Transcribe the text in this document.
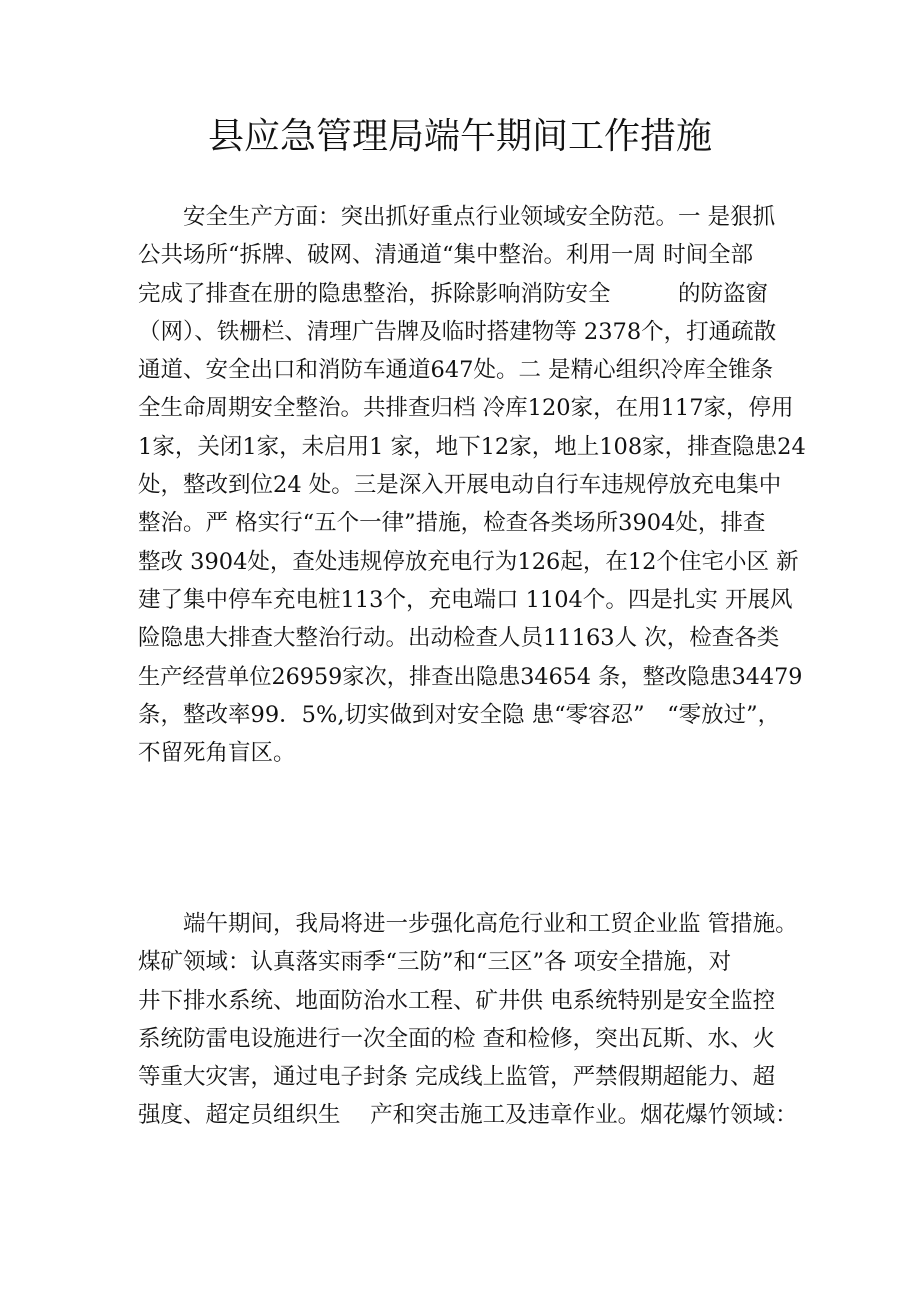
县应急管理局端午期间工作措施
　　安全生产方面：突出抓好重点行业领域安全防范。一 是狠抓
公共场所“拆牌、破网、清通道“集中整治。利用一周 时间全部
完成了排查在册的隐患整治，拆除影响消防安全　　　的防盗窗
（网）、铁栅栏、清理广告牌及临时搭建物等 2378个，打通疏散
通道、安全出口和消防车通道647处。二 是精心组织冷库全锥条
全生命周期安全整治。共排查归档 冷库120家，在用117家，停用
1家，关闭1家，未启用1 家，地下12家，地上108家，排查隐患24
处，整改到位24 处。三是深入开展电动自行车违规停放充电集中
整治。严 格实行“五个一律”措施，检查各类场所3904处，排查
整改 3904处，查处违规停放充电行为126起，在12个住宅小区 新
建了集中停车充电桩113个，充电端口 1104个。四是扎实 开展风
险隐患大排查大整治行动。出动检查人员11163人 次，检查各类
生产经营单位26959家次，排查出隐患34654 条，整改隐患34479
条，整改率99．5%,切实做到对安全隐 患“零容忍”　“零放过”，
不留死角盲区。
　　端午期间，我局将进一步强化高危行业和工贸企业监 管措施。
煤矿领域：认真落实雨季“三防”和“三区”各 项安全措施，对
井下排水系统、地面防治水工程、矿井供 电系统特别是安全监控
系统防雷电设施进行一次全面的检 查和检修，突出瓦斯、水、火
等重大灾害，通过电子封条 完成线上监管，严禁假期超能力、超
强度、超定员组织生　 产和突击施工及违章作业。烟花爆竹领域：
